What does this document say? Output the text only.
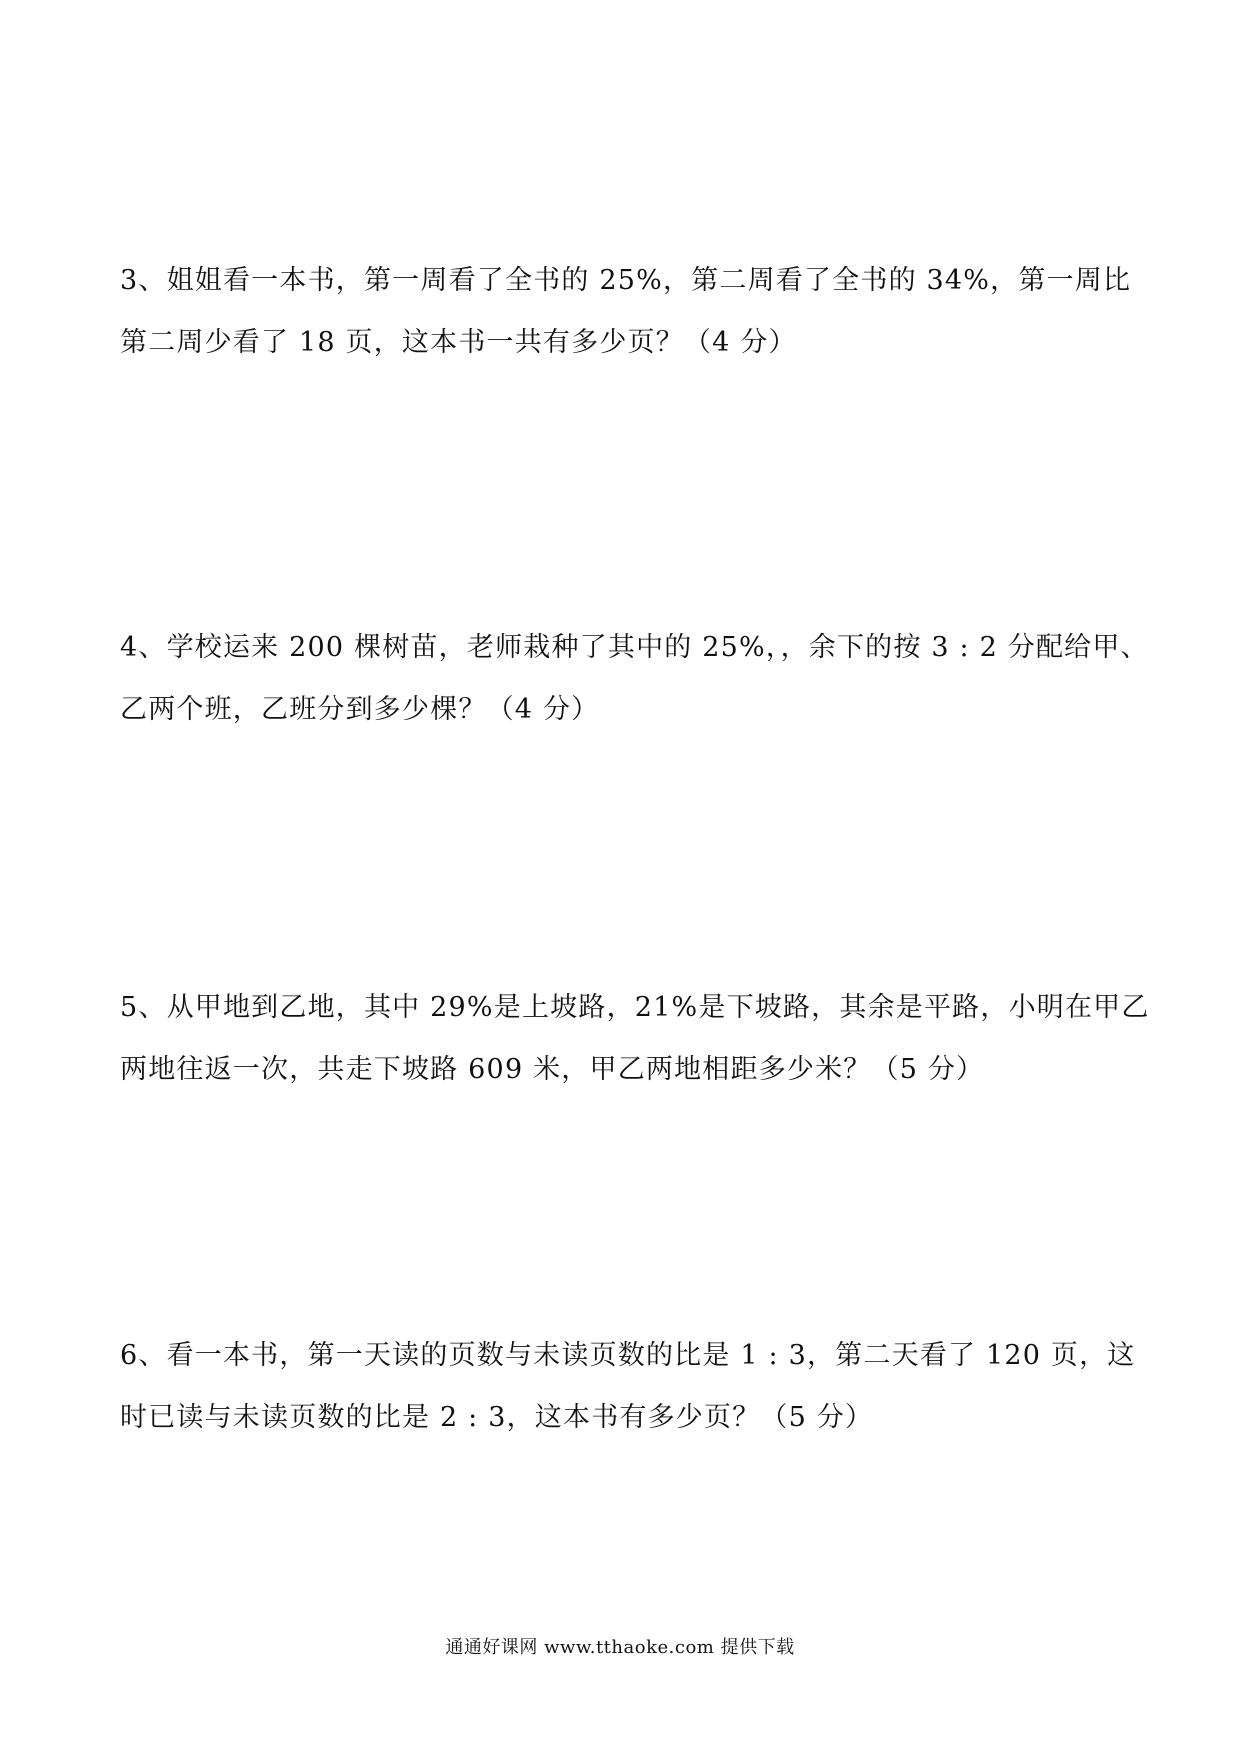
3、姐姐看一本书，第一周看了全书的 25%，第二周看了全书的 34%，第一周比
第二周少看了 18 页，这本书一共有多少页？（4 分）
4、学校运来 200 棵树苗，老师栽种了其中的 25%，，余下的按 3 : 2 分配给甲、
乙两个班，乙班分到多少棵？（4 分）
5、从甲地到乙地，其中 29%是上坡路，21%是下坡路，其余是平路，小明在甲乙
两地往返一次，共走下坡路 609 米，甲乙两地相距多少米？（5 分）
6、看一本书，第一天读的页数与未读页数的比是 1 : 3，第二天看了 120 页，这
时已读与未读页数的比是 2 : 3，这本书有多少页？（5 分）
通通好课网 www.tthaoke.com 提供下载
